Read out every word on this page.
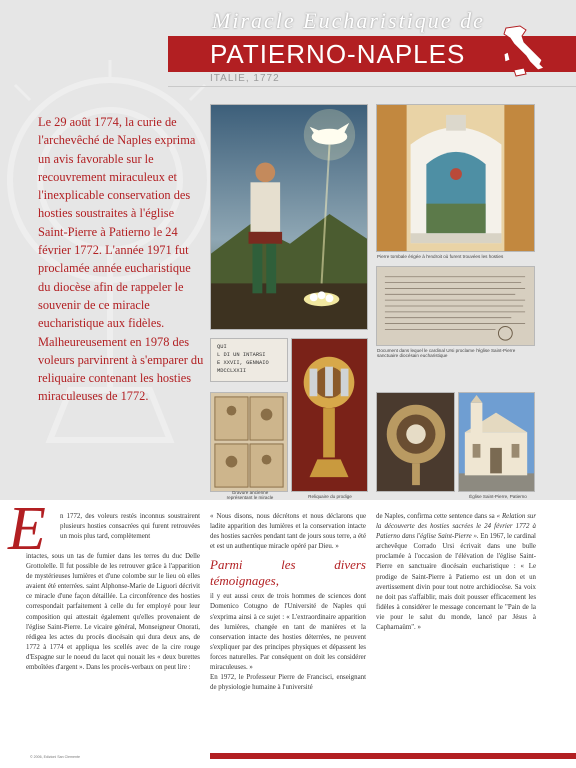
Miracle Eucharistique de
PATIERNO-NAPLES
ITALIE, 1772
Le 29 août 1774, la curie de l'archevêché de Naples exprima un avis favorable sur le recouvrement miraculeux et l'inexplicable conservation des hosties soustraites à l'église Saint-Pierre à Patierno le 24 février 1772. L'année 1971 fut proclamée année eucharistique du diocèse afin de rappeler le souvenir de ce miracle eucharistique aux fidèles. Malheureusement en 1978 des voleurs parvinrent à s'emparer du reliquaire contenant les hosties miraculeuses de 1772.
Pierre tombale érigée à l'endroit où furent trouvées les hosties
Document dans lequel le cardinal Ursi proclame l'église Saint-Pierre sanctuaire diocésain eucharistique
QUI
L DI UN INTARSI
E XXVII, GENNAIO
MDCCLXXII
Gravure ancienne représentant le miracle	Reliquaire du prodige	Église Saint-Pierre, Patierno
E n 1772, des voleurs restés inconnus soustrairent plusieurs hosties consacrées qui furent retrouvées un mois plus tard, complètement
intactes, sous un tas de fumier dans les terres du duc Delle Grottolelle. Il fut possible de les retrouver grâce à l'apparition de mystérieuses lumières et d'une colombe sur le lieu où elles avaient été enterrées. saint Alphonse-Marie de Liguori décrivit ce miracle d'une façon détaillée. La circonférence des hosties correspondait parfaitement à celle du fer employé pour leur composition qui attestait également qu'elles provenaient de l'église Saint-Pierre. Le vicaire général, Monseigneur Onorati, rédigea les actes du procès diocésain qui dura deux ans, de 1772 à 1774 et appliqua les scellés avec de la cire rouge d'Espagne sur le noeud du lacet qui nouait les « deux burettes emboîtées d'argent ». Dans les procès-verbaux on peut lire :

« Nous disons, nous décrétons et nous déclarons que ladite apparition des lumières et la conservation intacte des hosties sacrées pendant tant de jours sous terre, a été et est un authentique miracle opéré par Dieu. »

Parmi les divers témoignages,

il y eut aussi ceux de trois hommes de sciences dont Domenico Cotugno de l'Université de Naples qui s'exprima ainsi à ce sujet : « L'extraordinaire apparition des lumières, changée en tant de manières et la conservation intacte des hosties déterrées, ne peuvent s'expliquer par des principes physiques et dépassent les forces naturelles. Par conséquent on doit les considérer miraculeuses. »

En 1972, le Professeur Pierre de Francisci, enseignant de physiologie humaine à l'université

de Naples, confirma cette sentence dans sa « Relation sur la découverte des hosties sacrées le 24 février 1772 à Patierno dans l'église Saint-Pierre ». En 1967, le cardinal archevêque Corrado Ursi écrivait dans une bulle proclamée à l'occasion de l'élévation de l'église Saint-Pierre en sanctuaire diocésain eucharistique : « Le prodige de Saint-Pierre à Patierno est un don et un avertissement divin pour tout notre archidiocèse. Sa voix ne doit pas s'affaiblir, mais doit pousser efficacement les fidèles à considérer le message concernant le "Pain de la vie pour le salut du monde, lancé par Jésus à Capharnaüm". »
© 2006, Edizioni San Clemente
